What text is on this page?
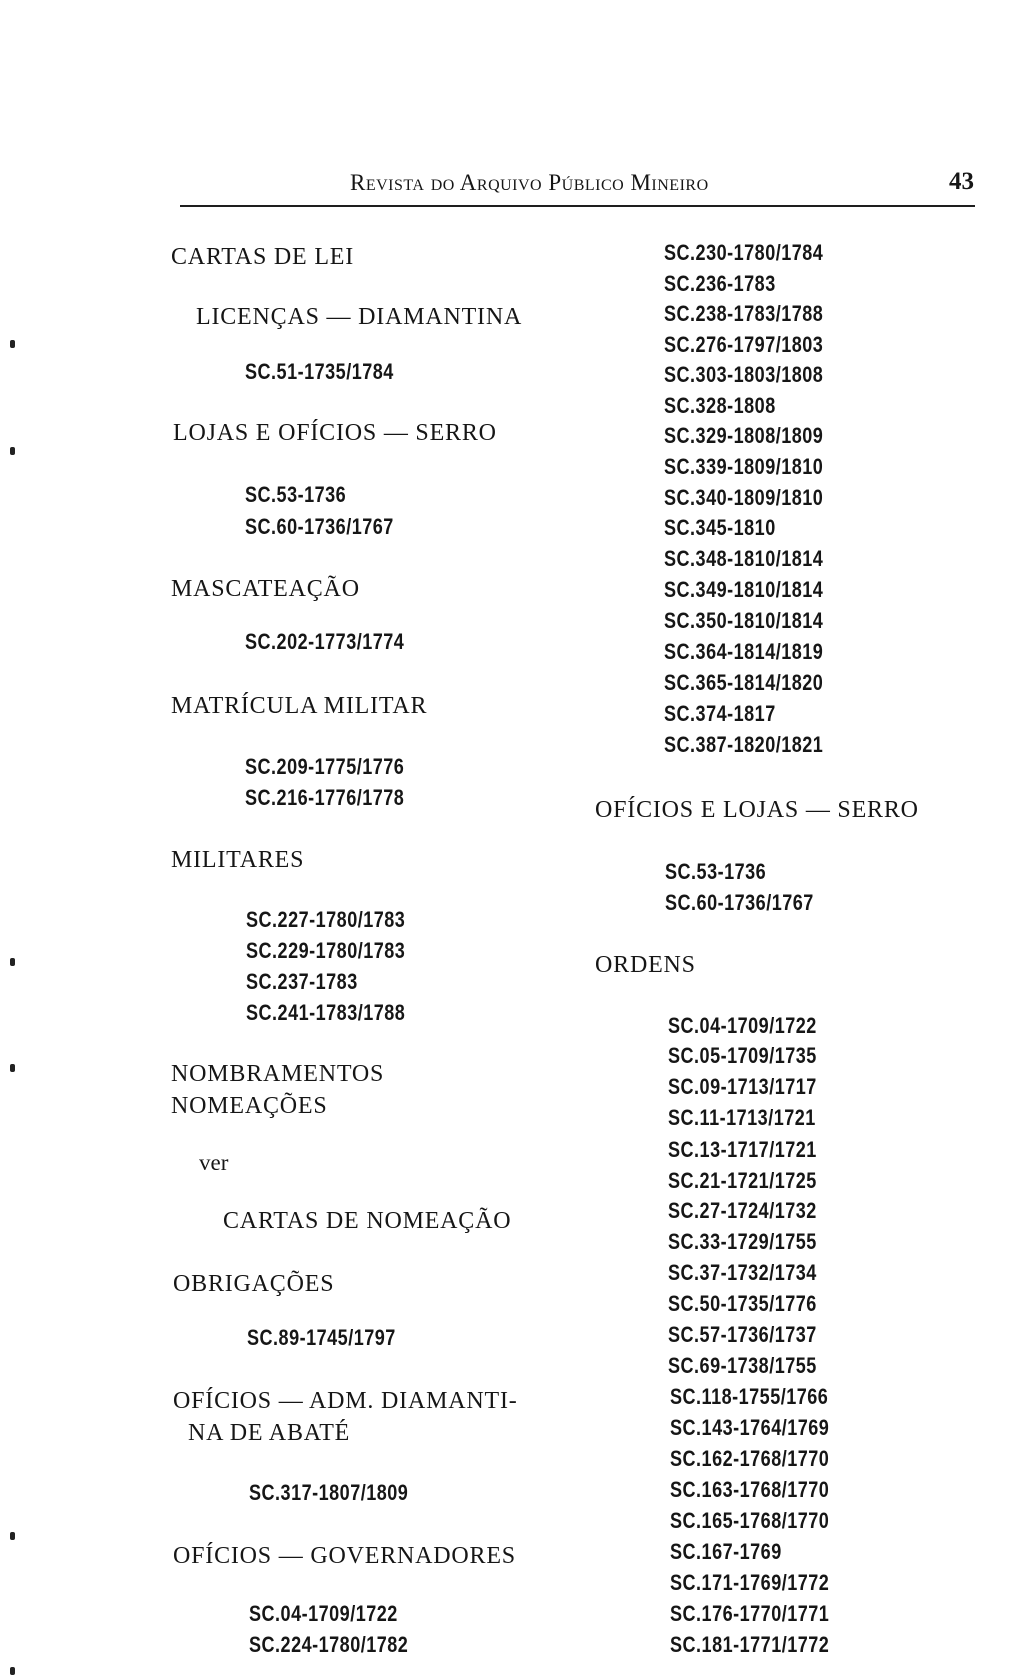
Revista do Arquivo Público Mineiro	43
CARTAS DE LEI
LICENÇAS — DIAMANTINA
SC.51-1735/1784
LOJAS E OFÍCIOS — SERRO
SC.53-1736
SC.60-1736/1767
MASCATEAÇÃO
SC.202-1773/1774
MATRÍCULA MILITAR
SC.209-1775/1776
SC.216-1776/1778
MILITARES
SC.227-1780/1783
SC.229-1780/1783
SC.237-1783
SC.241-1783/1788
NOMBRAMENTOS
NOMEAÇÕES
ver
CARTAS DE NOMEAÇÃO
OBRIGAÇÕES
SC.89-1745/1797
OFÍCIOS — ADM. DIAMANTI-
NA DE ABATÉ
SC.317-1807/1809
OFÍCIOS — GOVERNADORES
SC.04-1709/1722
SC.224-1780/1782
SC.230-1780/1784
SC.236-1783
SC.238-1783/1788
SC.276-1797/1803
SC.303-1803/1808
SC.328-1808
SC.329-1808/1809
SC.339-1809/1810
SC.340-1809/1810
SC.345-1810
SC.348-1810/1814
SC.349-1810/1814
SC.350-1810/1814
SC.364-1814/1819
SC.365-1814/1820
SC.374-1817
SC.387-1820/1821
OFÍCIOS E LOJAS — SERRO
SC.53-1736
SC.60-1736/1767
ORDENS
SC.04-1709/1722
SC.05-1709/1735
SC.09-1713/1717
SC.11-1713/1721
SC.13-1717/1721
SC.21-1721/1725
SC.27-1724/1732
SC.33-1729/1755
SC.37-1732/1734
SC.50-1735/1776
SC.57-1736/1737
SC.69-1738/1755
SC.118-1755/1766
SC.143-1764/1769
SC.162-1768/1770
SC.163-1768/1770
SC.165-1768/1770
SC.167-1769
SC.171-1769/1772
SC.176-1770/1771
SC.181-1771/1772
